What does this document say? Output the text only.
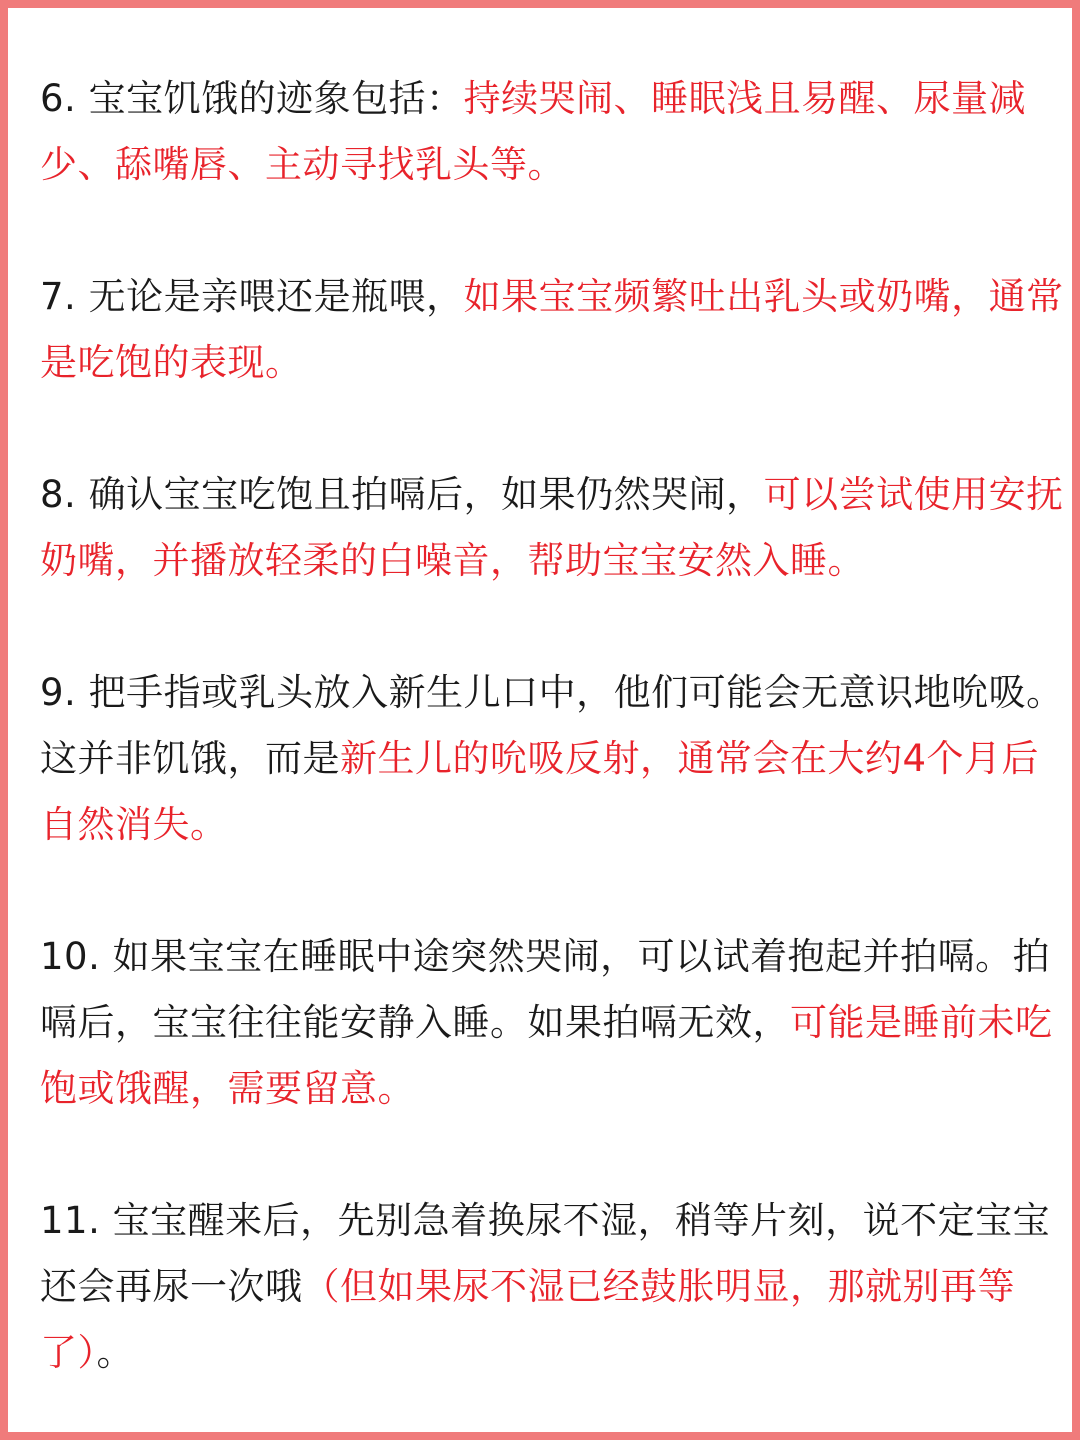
6. 宝宝饥饿的迹象包括：持续哭闹、睡眠浅且易醒、尿量减少、舔嘴唇、主动寻找乳头等。

7. 无论是亲喂还是瓶喂，如果宝宝频繁吐出乳头或奶嘴，通常是吃饱的表现。

8. 确认宝宝吃饱且拍嗝后，如果仍然哭闹，可以尝试使用安抚奶嘴，并播放轻柔的白噪音，帮助宝宝安然入睡。

9. 把手指或乳头放入新生儿口中，他们可能会无意识地吮吸。这并非饥饿，而是新生儿的吮吸反射，通常会在大约4个月后自然消失。

10. 如果宝宝在睡眠中途突然哭闹，可以试着抱起并拍嗝。拍嗝后，宝宝往往能安静入睡。如果拍嗝无效，可能是睡前未吃饱或饿醒，需要留意。

11. 宝宝醒来后，先别急着换尿不湿，稍等片刻，说不定宝宝还会再尿一次哦（但如果尿不湿已经鼓胀明显，那就别再等了）。
